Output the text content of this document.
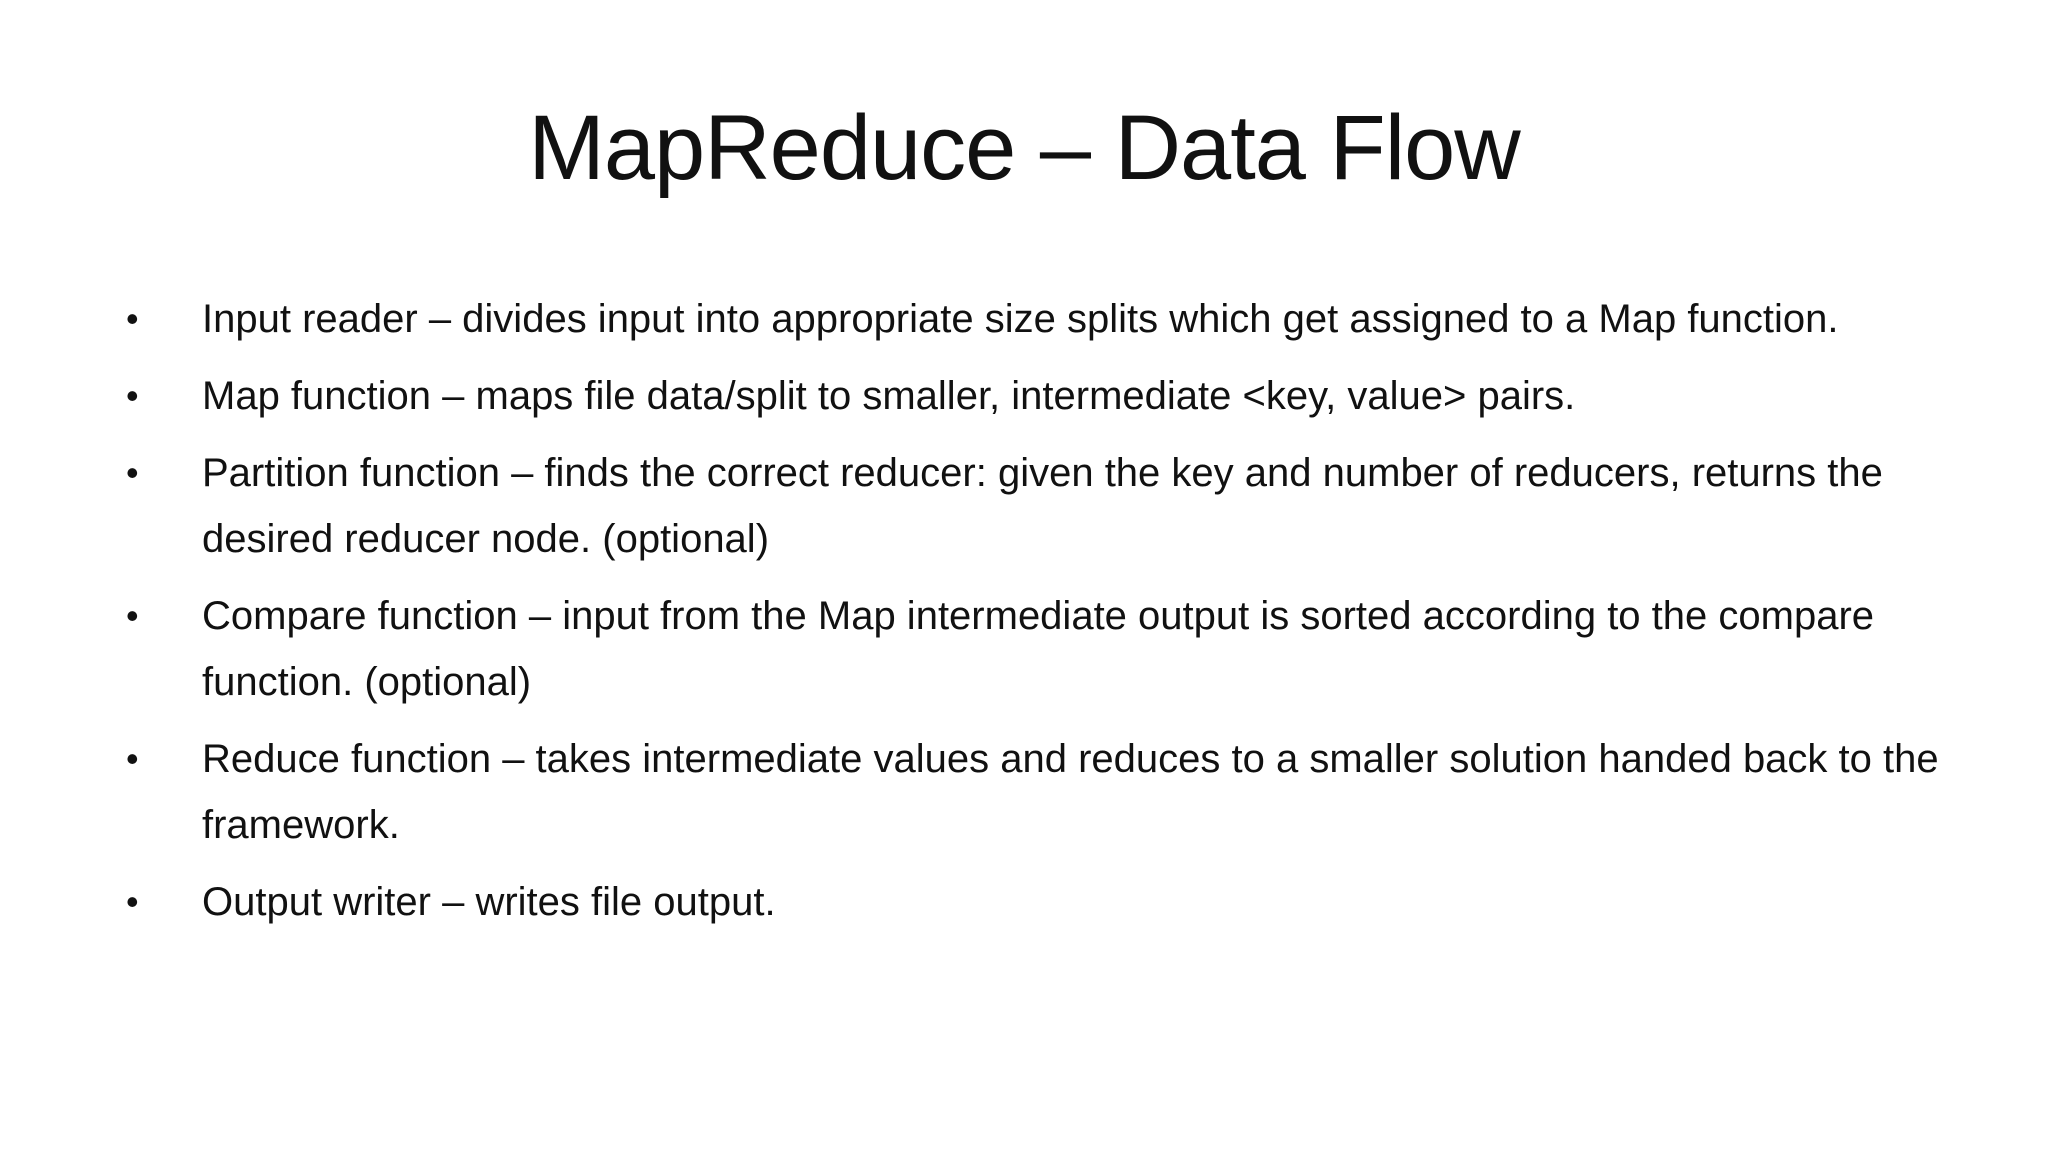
MapReduce – Data Flow
• Input reader – divides input into appropriate size splits which get assigned to a Map function.
• Map function – maps file data/split to smaller, intermediate <key, value> pairs.
• Partition function – finds the correct reducer: given the key and number of reducers, returns the desired reducer node. (optional)
• Compare function – input from the Map intermediate output is sorted according to the compare function. (optional)
• Reduce function – takes intermediate values and reduces to a smaller solution handed back to the framework.
• Output writer – writes file output.
